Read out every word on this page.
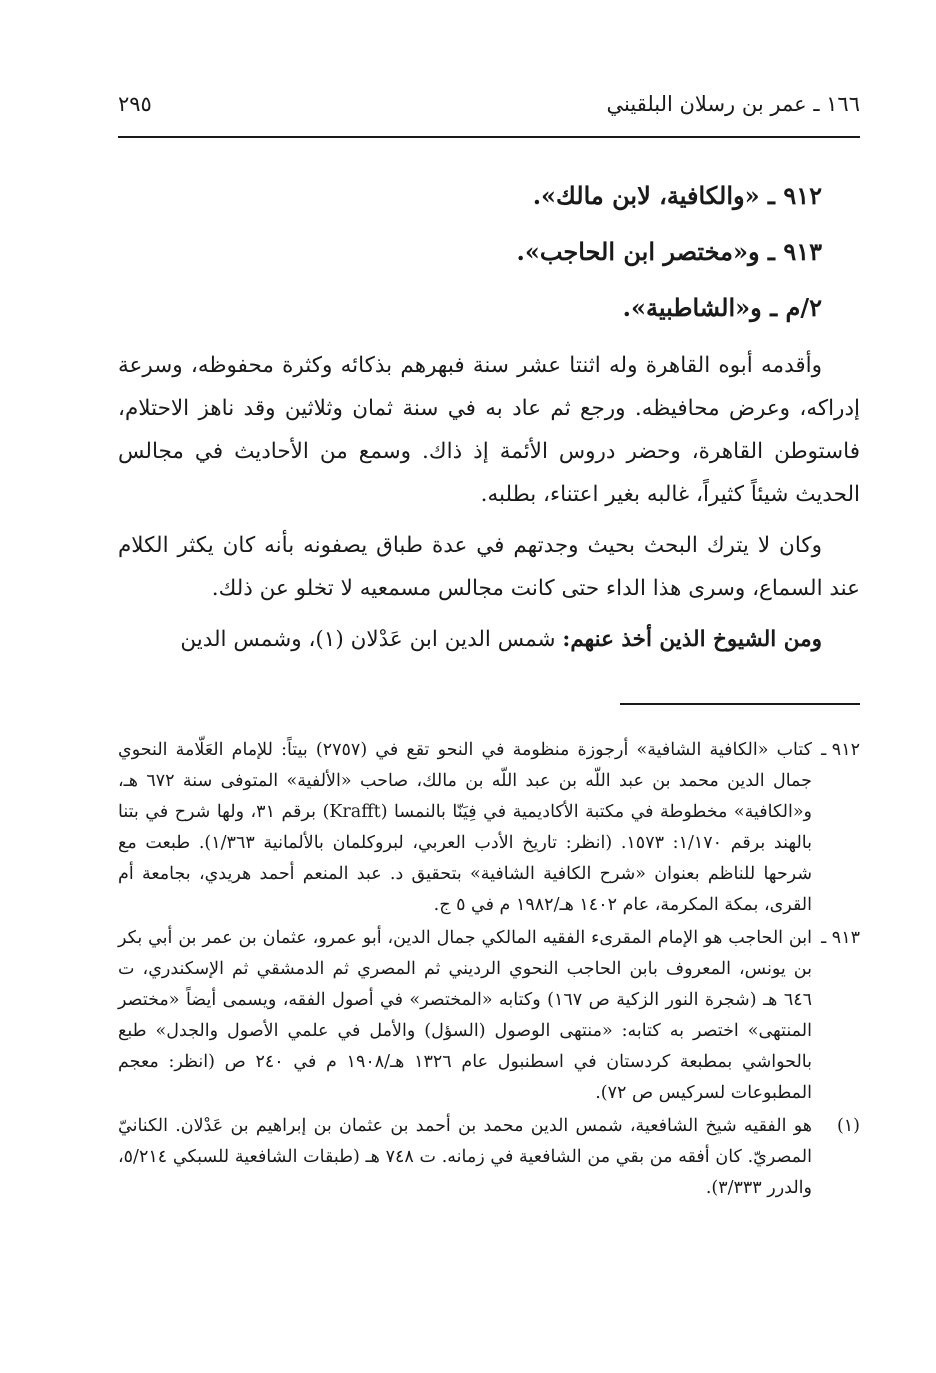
١٦٦ ـ عمر بن رسلان البلقيني
٢٩٥
٩١٢ ـ «والكافية، لابن مالك».
٩١٣ ـ و«مختصر ابن الحاجب».
٢/م ـ و«الشاطبية».

وأقدمه أبوه القاهرة وله اثنتا عشر سنة فبهرهم بذكائه وكثرة محفوظه، وسرعة إدراكه، وعرض محافيظه. ورجع ثم عاد به في سنة ثمان وثلاثين وقد ناهز الاحتلام، فاستوطن القاهرة، وحضر دروس الأئمة إذ ذاك. وسمع من الأحاديث في مجالس الحديث شيئاً كثيراً، غالبه بغير اعتناء، بطلبه.

وكان لا يترك البحث بحيث وجدتهم في عدة طباق يصفونه بأنه كان يكثر الكلام عند السماع، وسرى هذا الداء حتى كانت مجالس مسمعيه لا تخلو عن ذلك.

ومن الشيوخ الذين أخذ عنهم: شمس الدين ابن عَدْلان (١)، وشمس الدين

٩١٢ ـ
كتاب «الكافية الشافية» أرجوزة منظومة في النحو تقع في (٢٧٥٧) بيتاً: للإمام العَلّامة النحوي جمال الدين محمد بن عبد اللّه بن عبد اللّه بن مالك، صاحب «الألفية» المتوفى سنة ٦٧٢ هـ، و«الكافية» مخطوطة في مكتبة الأكاديمية في فِيَنّا بالنمسا (Krafft) برقم ٣١، ولها شرح في بتنا بالهند برقم ١/١٧٠: ١٥٧٣. (انظر: تاريخ الأدب العربي، لبروكلمان بالألمانية ١/٣٦٣). طبعت مع شرحها للناظم بعنوان «شرح الكافية الشافية» بتحقيق د. عبد المنعم أحمد هريدي، بجامعة أم القرى، بمكة المكرمة، عام ١٤٠٢ هـ/١٩٨٢ م في ٥ ج.
٩١٣ ـ
ابن الحاجب هو الإمام المقرىء الفقيه المالكي جمال الدين، أبو عمرو، عثمان بن عمر بن أبي بكر بن يونس، المعروف بابن الحاجب النحوي الرديني ثم المصري ثم الدمشقي ثم الإسكندري، ت ٦٤٦ هـ (شجرة النور الزكية ص ١٦٧) وكتابه «المختصر» في أصول الفقه، ويسمى أيضاً «مختصر المنتهى» اختصر به كتابه: «منتهى الوصول (السؤل) والأمل في علمي الأصول والجدل» طبع بالحواشي بمطبعة كردستان في اسطنبول عام ١٣٢٦ هـ/١٩٠٨ م في ٢٤٠ ص (انظر: معجم المطبوعات لسركيس ص ٧٢).
(١)
هو الفقيه شيخ الشافعية، شمس الدين محمد بن أحمد بن عثمان بن إبراهيم بن عَدْلان. الكنانيّ المصريّ. كان أفقه من بقي من الشافعية في زمانه. ت ٧٤٨ هـ (طبقات الشافعية للسبكي ٥/٢١٤، والدرر ٣/٣٣٣).
